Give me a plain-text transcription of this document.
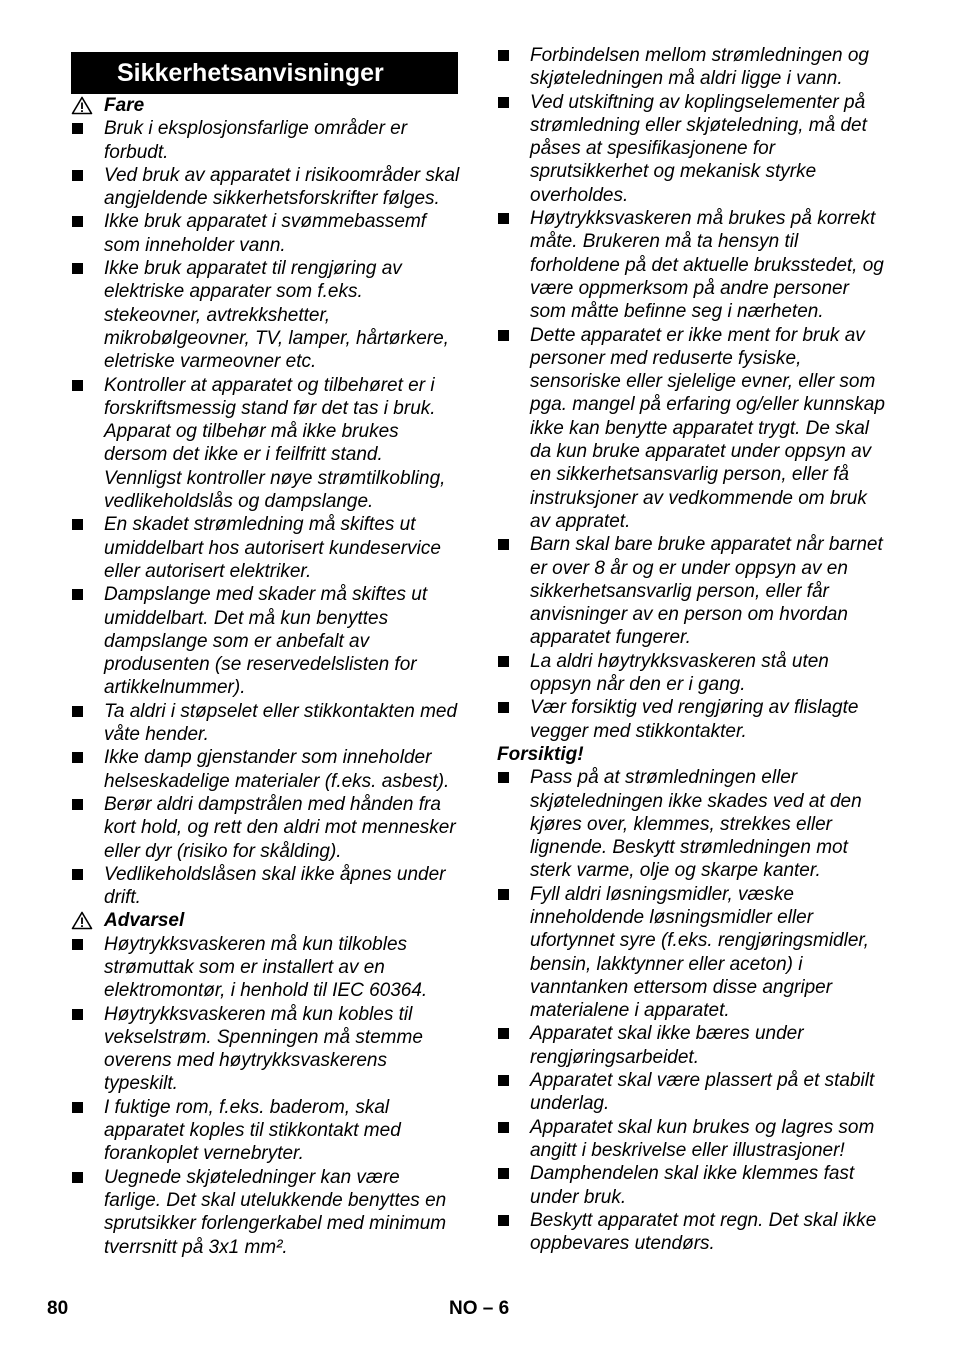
Sikkerhetsanvisninger
Fare
Bruk i eksplosjonsfarlige områder er forbudt.
Ved bruk av apparatet i risikoområder skal angjeldende sikkerhetsforskrifter følges.
Ikke bruk apparatet i svømmebassemf som inneholder vann.
Ikke bruk apparatet til rengjøring av elektriske apparater som f.eks. stekeovner, avtrekkshetter, mikrobølgeovner, TV, lamper, hårtørkere, eletriske varmeovner etc.
Kontroller at apparatet og tilbehøret er i forskriftsmessig stand før det tas i bruk. Apparat og tilbehør må ikke brukes dersom det ikke er i feilfritt stand. Vennligst kontroller nøye strømtilkobling, vedlikeholdslås og dampslange.
En skadet strømledning må skiftes ut umiddelbart hos autorisert kundeservice eller autorisert elektriker.
Dampslange med skader må skiftes ut umiddelbart. Det må kun benyttes dampslange som er anbefalt av produsenten (se reservedelslisten for artikkelnummer).
Ta aldri i støpselet eller stikkontakten med våte hender.
Ikke damp gjenstander som inneholder helseskadelige materialer (f.eks. asbest).
Berør aldri dampstrålen med hånden fra kort hold, og rett den aldri mot mennesker eller dyr (risiko for skålding).
Vedlikeholdslåsen skal ikke åpnes under drift.
Advarsel
Høytrykksvaskeren må kun tilkobles strømuttak som er installert av en elektromontør, i henhold til IEC 60364.
Høytrykksvaskeren må kun kobles til vekselstrøm. Spenningen må stemme overens med høytrykksvaskerens typeskilt.
I fuktige rom, f.eks. baderom, skal apparatet koples til stikkontakt med forankoplet vernebryter.
Uegnede skjøteledninger kan være farlige. Det skal utelukkende benyttes en sprutsikker forlengerkabel med minimum tverrsnitt på 3x1 mm².
Forbindelsen mellom strømledningen og skjøteledningen må aldri ligge i vann.
Ved utskiftning av koplingselementer på strømledning eller skjøteledning, må det påses at spesifikasjonene for sprutsikkerhet og mekanisk styrke overholdes.
Høytrykksvaskeren må brukes på korrekt måte. Brukeren må ta hensyn til forholdene på det aktuelle bruksstedet, og være oppmerksom på andre personer som måtte befinne seg i nærheten.
Dette apparatet er ikke ment for bruk av personer med reduserte fysiske, sensoriske eller sjelelige evner, eller som pga. mangel på erfaring og/eller kunnskap ikke kan benytte apparatet trygt. De skal da kun bruke apparatet under oppsyn av en sikkerhetsansvarlig person, eller få instruksjoner av vedkommende om bruk av appratet.
Barn skal bare bruke apparatet når barnet er over 8 år og er under oppsyn av en sikkerhetsansvarlig person, eller får anvisninger av en person om hvordan apparatet fungerer.
La aldri høytrykksvaskeren stå uten oppsyn når den er i gang.
Vær forsiktig ved rengjøring av flislagte vegger med stikkontakter.
Forsiktig!
Pass på at strømledningen eller skjøteledningen ikke skades ved at den kjøres over, klemmes, strekkes eller lignende. Beskytt strømledningen mot sterk varme, olje og skarpe kanter.
Fyll aldri løsningsmidler, væske inneholdende løsningsmidler eller ufortynnet syre (f.eks. rengjøringsmidler, bensin, lakktynner eller aceton) i vanntanken ettersom disse angriper materialene i apparatet.
Apparatet skal ikke bæres under rengjøringsarbeidet.
Apparatet skal være plassert på et stabilt underlag.
Apparatet skal kun brukes og lagres som angitt i beskrivelse eller illustrasjoner!
Damphendelen skal ikke klemmes fast under bruk.
Beskytt apparatet mot regn. Det skal ikke oppbevares utendørs.
80	NO – 6
